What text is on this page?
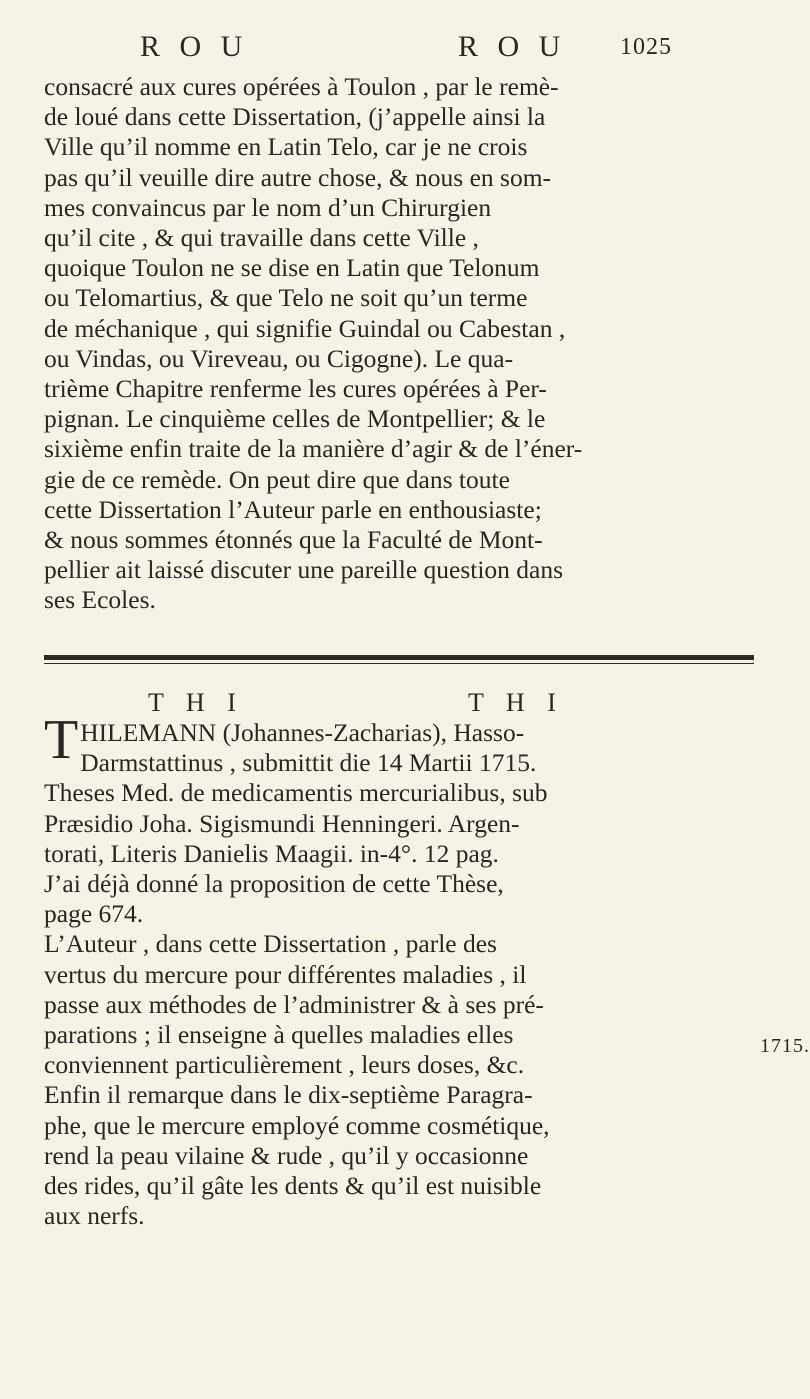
R O U	R O U 1025
consacré aux cures opérées à Toulon , par le remè-
de loué dans cette Dissertation, (j’appelle ainsi la
Ville qu’il nomme en Latin Telo, car je ne crois
pas qu’il veuille dire autre chose, & nous en som-
mes convaincus par le nom d’un Chirurgien
qu’il cite , & qui travaille dans cette Ville ,
quoique Toulon ne se dise en Latin que Telonum
ou Telomartius, & que Telo ne soit qu’un terme
de méchanique , qui signifie Guindal ou Cabestan ,
ou Vindas, ou Vireveau, ou Cigogne). Le qua-
trième Chapitre renferme les cures opérées à Per-
pignan. Le cinquième celles de Montpellier; & le
sixième enfin traite de la manière d’agir & de l’éner-
gie de ce remède. On peut dire que dans toute
cette Dissertation l’Auteur parle en enthousiaste;
& nous sommes étonnés que la Faculté de Mont-
pellier ait laissé discuter une pareille question dans
ses Ecoles.
T H I	T H I
THILEMANN (Johannes-Zacharias), Hasso-
Darmstattinus , submittit die 14 Martii 1715.
Theses Med. de medicamentis mercurialibus, sub
Præsidio Joha. Sigismundi Henningeri. Argen-
torati, Literis Danielis Maagii. in-4°. 12 pag.
J’ai déjà donné la proposition de cette Thèse,
page 674.
L’Auteur , dans cette Dissertation , parle des
vertus du mercure pour différentes maladies , il
passe aux méthodes de l’administrer & à ses pré-
parations ; il enseigne à quelles maladies elles
conviennent particulièrement , leurs doses, &c.
Enfin il remarque dans le dix-septième Paragra-
phe, que le mercure employé comme cosmétique,
rend la peau vilaine & rude , qu’il y occasionne
des rides, qu’il gâte les dents & qu’il est nuisible
aux nerfs.
1715.
